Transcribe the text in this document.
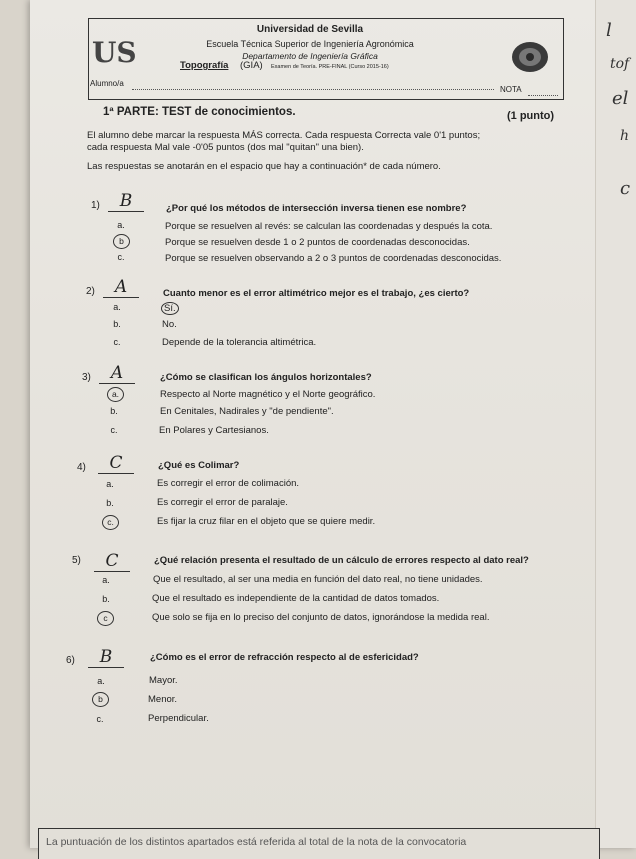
l
tof
el
h
c
US
Universidad de Sevilla
Escuela Técnica Superior de Ingeniería Agronómica
Departamento de Ingeniería Gráfica
Topografía (GIA) Examen de Teoría. PRE-FINAL (Curso 2015-16)
Alumno/a
NOTA
1ª PARTE: TEST de conocimientos.	(1 punto)
El alumno debe marcar la respuesta MÁS correcta. Cada respuesta Correcta vale 0'1 puntos;
cada respuesta Mal vale -0'05 puntos (dos mal "quitan" una bien).
Las respuestas se anotarán en el espacio que hay a continuación* de cada número.
1)	B	¿Por qué los métodos de intersección inversa tienen ese nombre?
a.	Porque se resuelven al revés: se calculan las coordenadas y después la cota.
b	Porque se resuelven desde 1 o 2 puntos de coordenadas desconocidas.
c.	Porque se resuelven observando a 2 o 3 puntos de coordenadas desconocidas.
2)	A	Cuanto menor es el error altimétrico mejor es el trabajo, ¿es cierto?
a.	Sí.
b.	No.
c.	Depende de la tolerancia altimétrica.
3)	A	¿Cómo se clasifican los ángulos horizontales?
a.	Respecto al Norte magnético y el Norte geográfico.
b.	En Cenitales, Nadirales y "de pendiente".
c.	En Polares y Cartesianos.
4)	C	¿Qué es Colimar?
a.	Es corregir el error de colimación.
b.	Es corregir el error de paralaje.
c.	Es fijar la cruz filar en el objeto que se quiere medir.
5)	C	¿Qué relación presenta el resultado de un cálculo de errores respecto al dato real?
a.	Que el resultado, al ser una media en función del dato real, no tiene unidades.
b.	Que el resultado es independiente de la cantidad de datos tomados.
c	Que solo se fija en lo preciso del conjunto de datos, ignorándose la medida real.
6)	B	¿Cómo es el error de refracción respecto al de esfericidad?
a.	Mayor.
b	Menor.
c.	Perpendicular.
La puntuación de los distintos apartados está referida al total de la nota de la convocatoria
